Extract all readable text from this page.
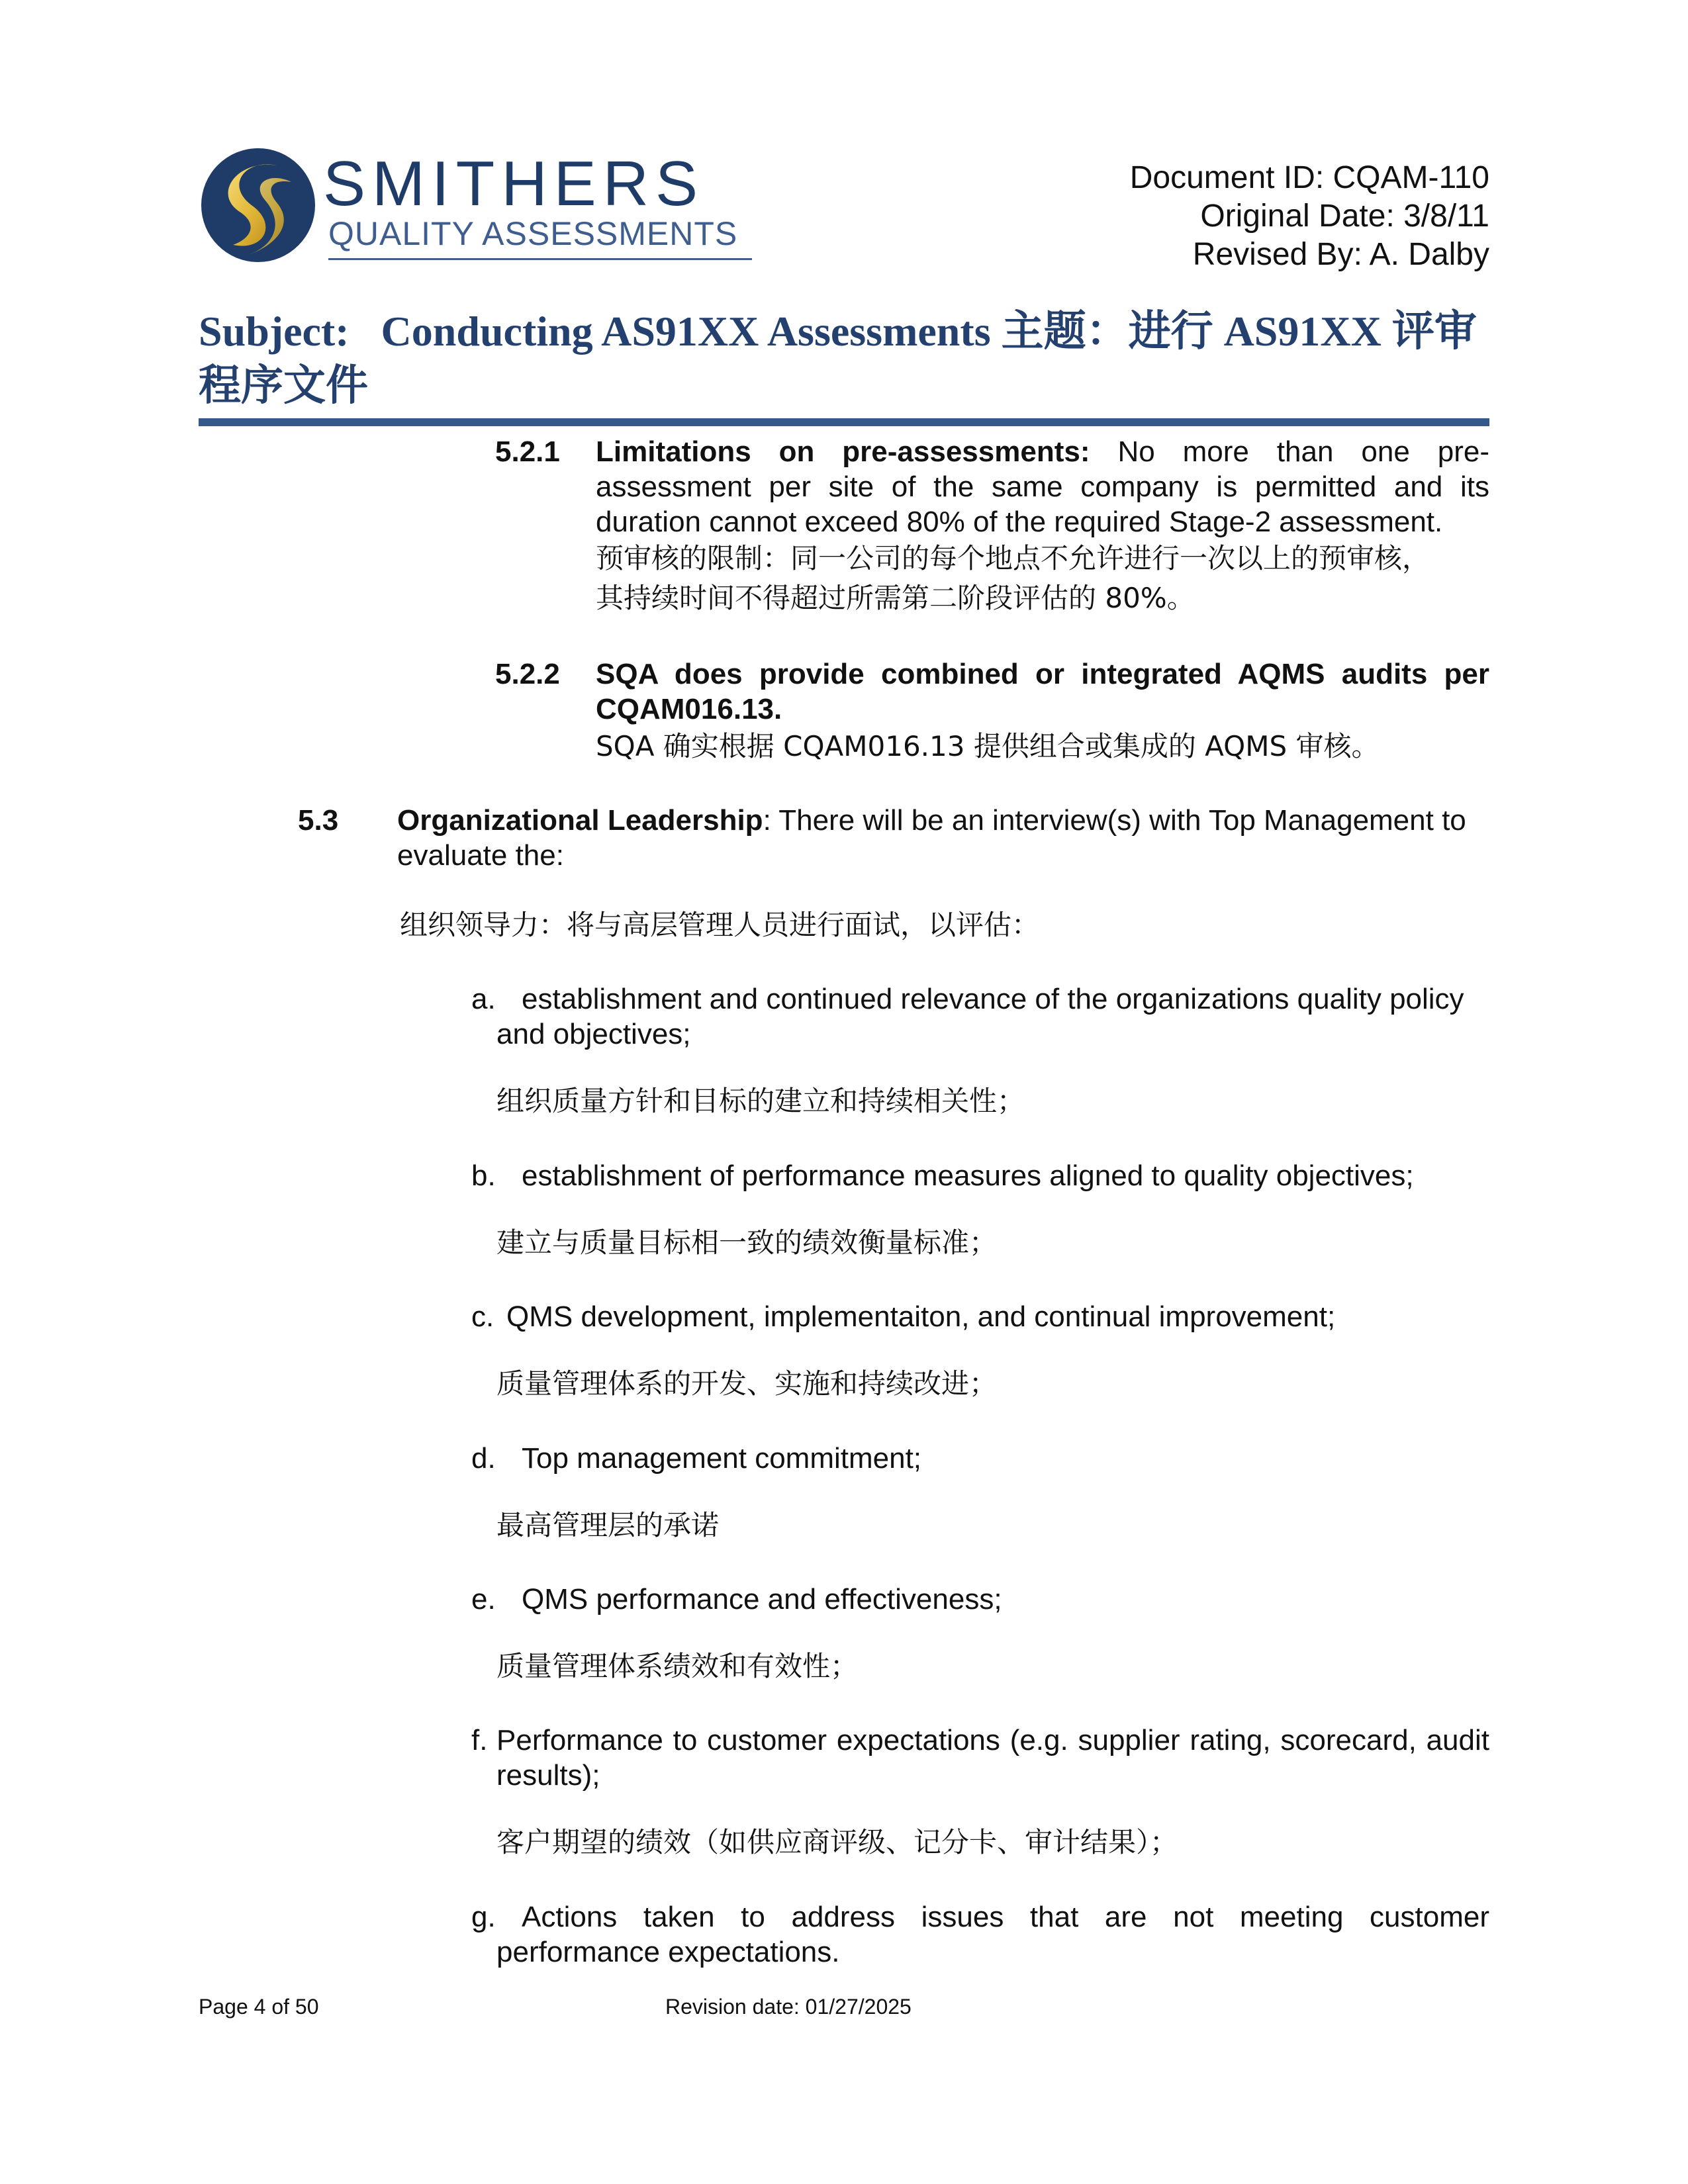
SMITHERS
QUALITY ASSESSMENTS
Document ID: CQAM-110
Original Date: 3/8/11
Revised By: A. Dalby
Subject: Conducting AS91XX Assessments 主题：进行 AS91XX 评审程序文件
5.2.1 Limitations on pre-assessments: No more than one pre-assessment per site of the same company is permitted and its duration cannot exceed 80% of the required Stage-2 assessment.
预审核的限制：同一公司的每个地点不允许进行一次以上的预审核，
其持续时间不得超过所需第二阶段评估的 80%。
5.2.2 SQA does provide combined or integrated AQMS audits per CQAM016.13.
SQA 确实根据 CQAM016.13 提供组合或集成的 AQMS 审核。
5.3 Organizational Leadership: There will be an interview(s) with Top Management to evaluate the:
组织领导力：将与高层管理人员进行面试，以评估：
a. establishment and continued relevance of the organizations quality policy and objectives;
组织质量方针和目标的建立和持续相关性；
b. establishment of performance measures aligned to quality objectives;
建立与质量目标相一致的绩效衡量标准；
c. QMS development, implementaiton, and continual improvement;
质量管理体系的开发、实施和持续改进；
d. Top management commitment;
最高管理层的承诺
e. QMS performance and effectiveness;
质量管理体系绩效和有效性；
f. Performance to customer expectations (e.g. supplier rating, scorecard, audit results);
客户期望的绩效（如供应商评级、记分卡、审计结果）；
g. Actions taken to address issues that are not meeting customer performance expectations.
Page 4 of 50	Revision date: 01/27/2025
